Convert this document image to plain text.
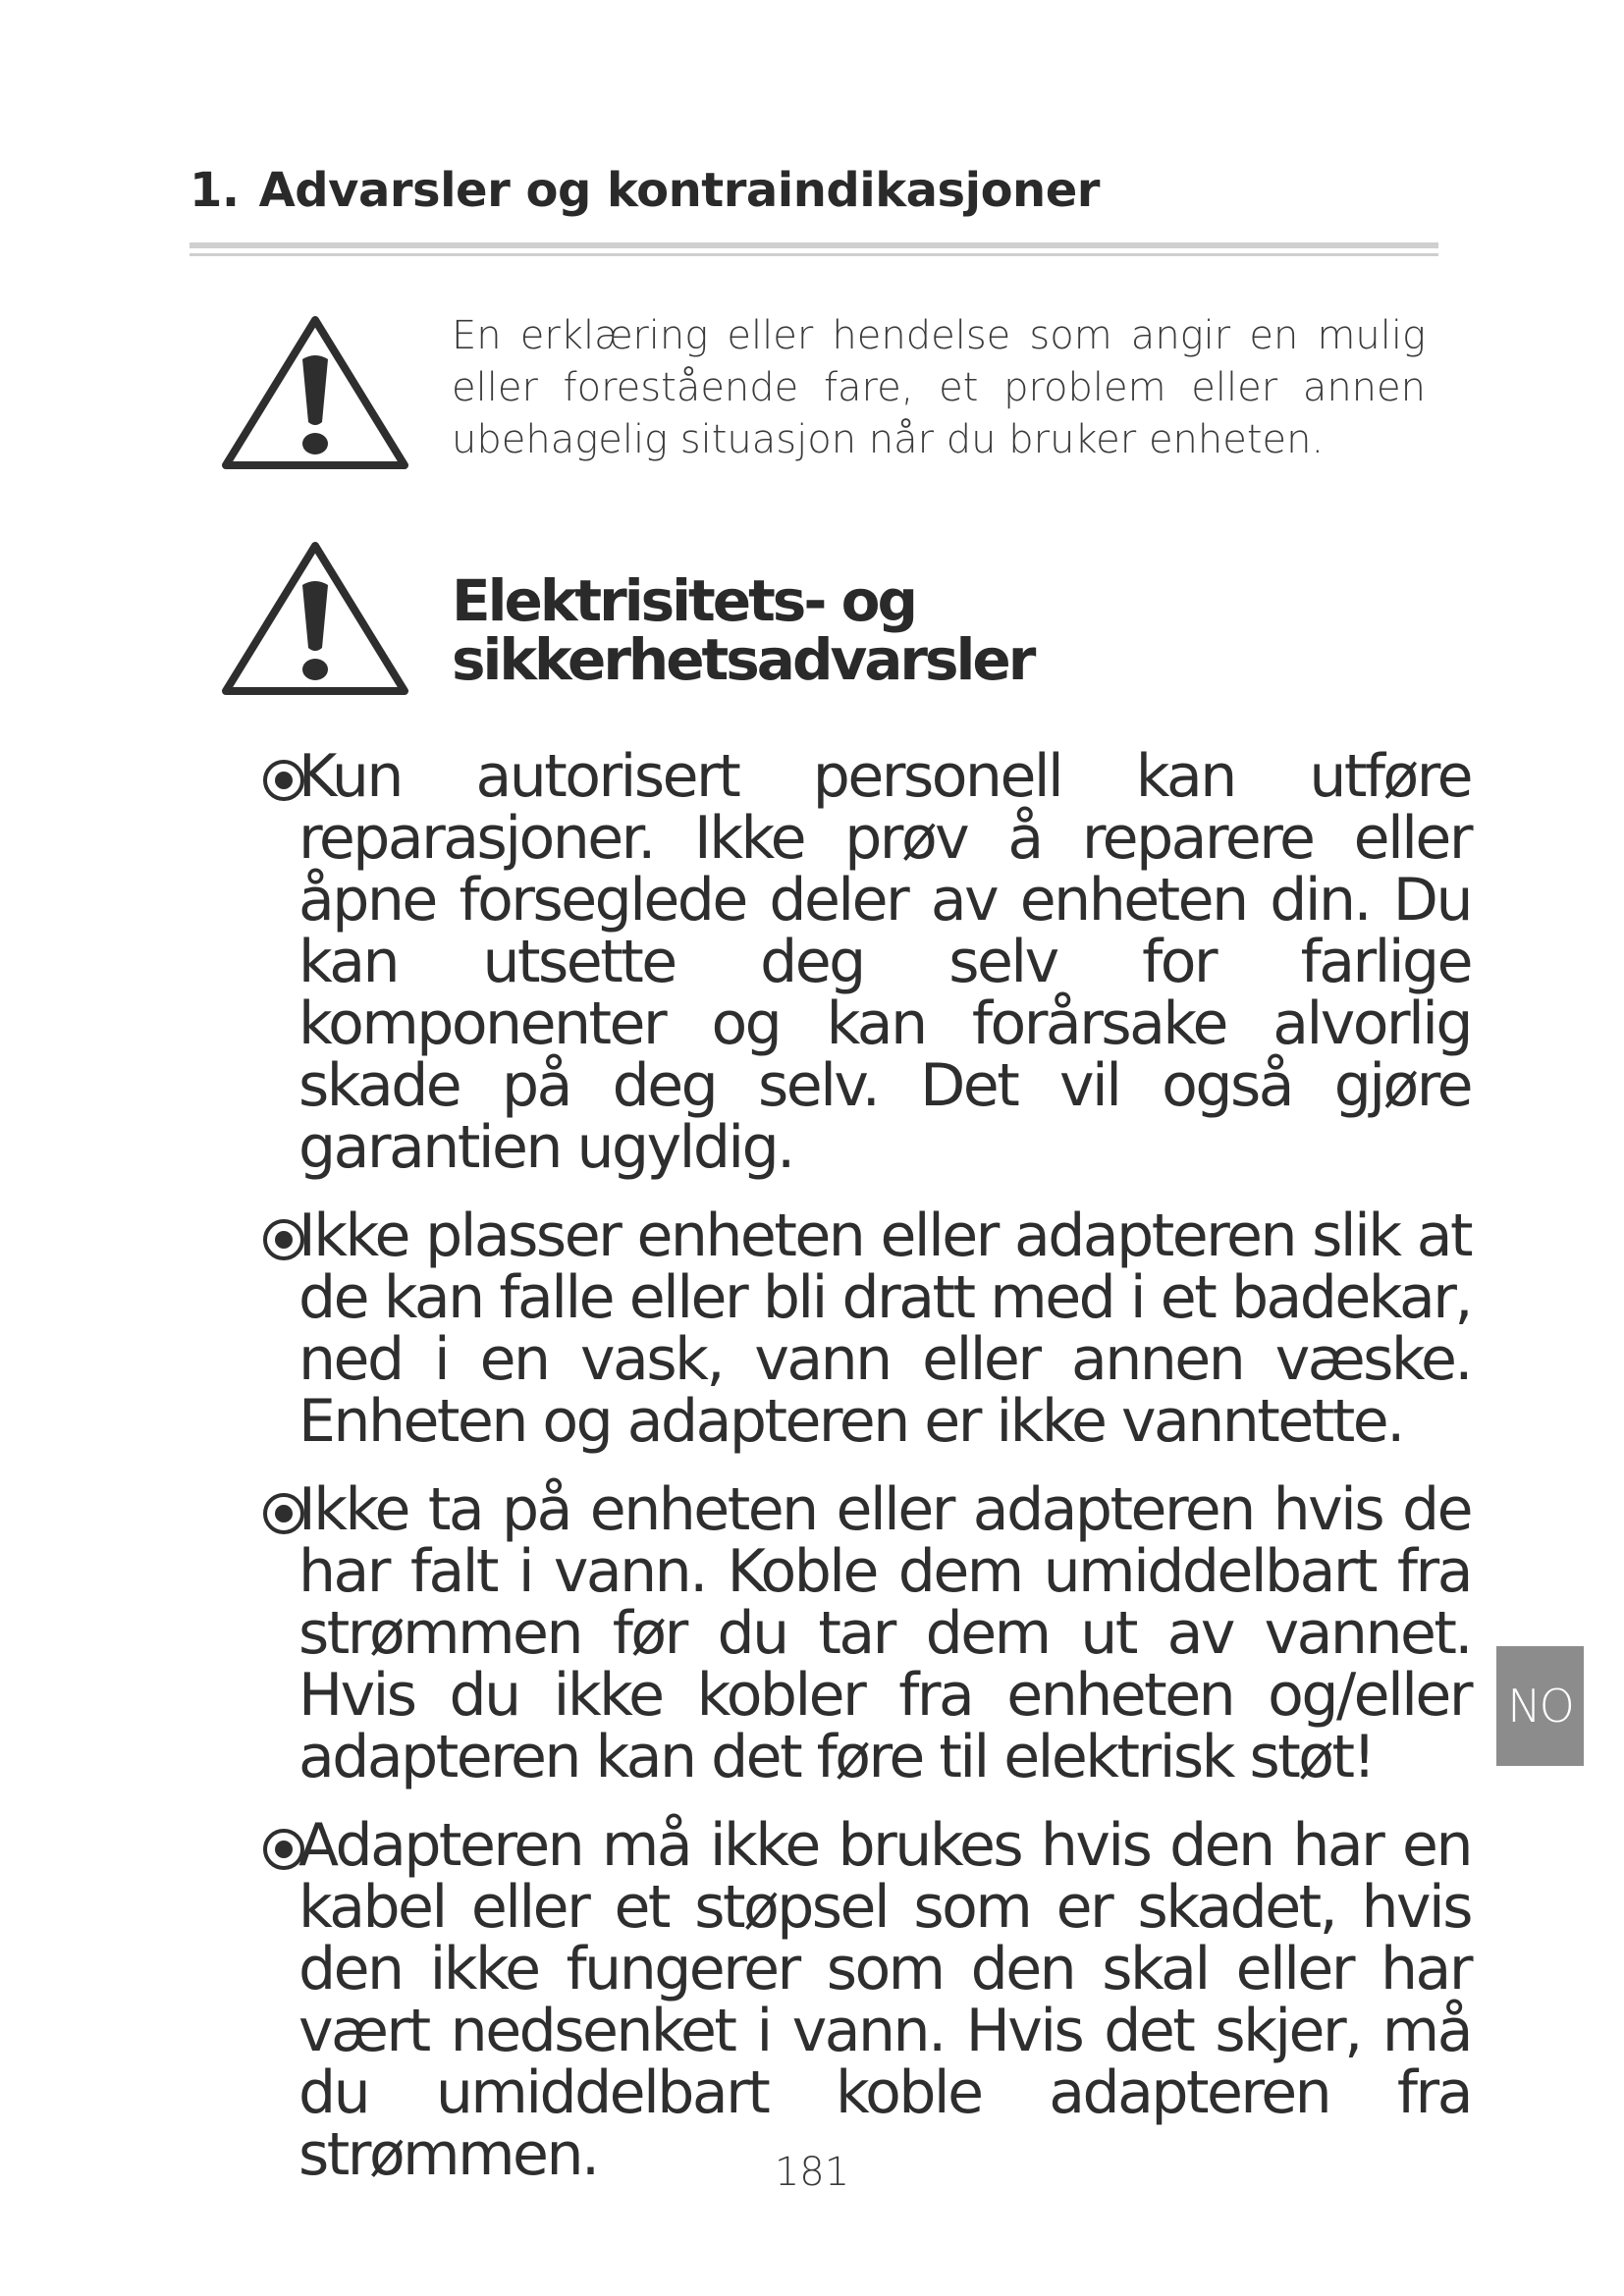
1. Advarsler og kontraindikasjoner
En erklæring eller hendelse som angir en mulig eller forestående fare, et problem eller annen ubehagelig situasjon når du bruker enheten.
Elektrisitets- og
sikkerhetsadvarsler
Kun autorisert personell kan utføre reparasjoner. Ikke prøv å reparere eller åpne forseglede deler av enheten din. Du kan utsette deg selv for farlige komponenter og kan forårsake alvorlig skade på deg selv. Det vil også gjøre garantien ugyldig.
Ikke plasser enheten eller adapteren slik at de kan falle eller bli dratt med i et badekar, ned i en vask, vann eller annen væske. Enheten og adapteren er ikke vanntette.
Ikke ta på enheten eller adapteren hvis de har falt i vann. Koble dem umiddelbart fra strømmen før du tar dem ut av vannet. Hvis du ikke kobler fra enheten og/eller adapteren kan det føre til elektrisk støt!
Adapteren må ikke brukes hvis den har en kabel eller et støpsel som er skadet, hvis den ikke fungerer som den skal eller har vært nedsenket i vann. Hvis det skjer, må du umiddelbart koble adapteren fra strømmen.
NO
181
